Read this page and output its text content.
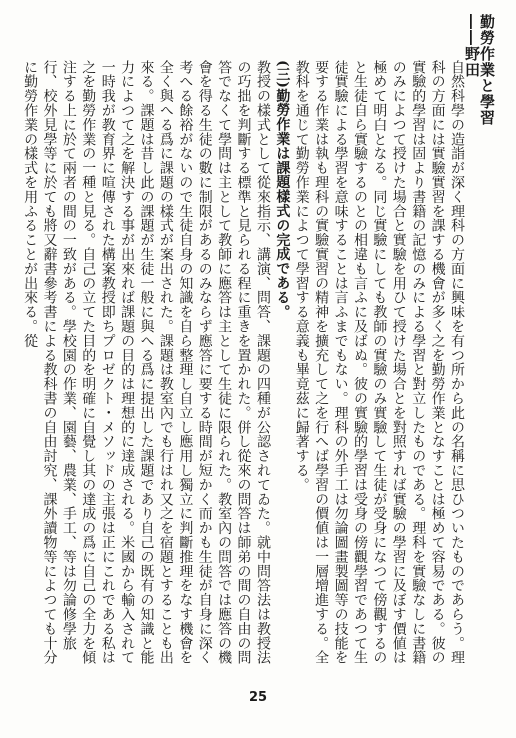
勤勞作業と學習――野田

自然科學の造詣が深く理科の方面に興味を有つ所から此の名稱に思ひついたものであらう。理科の方面には實驗實習を課する機會が多く之を勤勞作業となすことは極めて容易である。彼の實驗的學習は固より書籍の記憶のみによる學習と對立したものである。理科を實驗なしに書籍のみによつて授けた場合と實驗を用ひて授けた場合とを對照すれば實驗の學習に及ぼす價値は極めて明白となる。同じ實驗にしても教師の實驗のみ實驗して生徒が受身になつて傍觀するのと生徒自ら實驗するのとの相違も言ふに及ばぬ。彼の實驗的學習は受身の傍觀學習であつて生徒實驗による學習を意味することは言ふまでもない。理科の外手工は勿論圖畫製圖等の技能を要する作業は執も理科の實驗實習の精神を擴充して之を行へば學習の價値は一層增進する。全教科を通じて勤勞作業によつて學習する意義も畢竟茲に歸著する。

(三)勤勞作業は課題樣式の完成である。

教授の樣式として從來指示、講演、問答、課題の四種が公認されてゐた。就中問答法は教授法の巧拙を判斷する標準と見られる程に重きを置かれた。併し從來の問答は師弟の間の自由の問答でなくて學問は主として教師に應答は主として生徒に限られた。教室內の問答では應答の機會を得る生徒の數に制限があるのみならず應答に要する時間が短かく而かも生徒が自身に深く考へる餘裕がないので生徒自身の知識を自ら整理し自立し應用し獨立に判斷推理をなす機會を全く與へる爲に課題の樣式が案出された。課題は教室內でも行はれ又之を宿題とすることも出來る。課題は昔し此の課題が生徒一般に與へる爲に提出した課題であり自己の既有の知識と能力によつて之を解決する事が出來れば課題の目的は理想的に達成される。米國から輸入されて一時我が教育界に喧傳された構案教授即ちプロゼクト・メソッドの主張は正にこれである私は之を勤勞作業の一種と見る。自己の立てた目的を明確に自覺し其の達成の爲に自己の全力を傾注する上に於て兩者の間の一致がある。學校園の作業、園藝、農業、手工、等は勿論修學旅行、校外見學等に於ても將又辭書參考書による教科書の自由討究、課外讀物等によつても十分に勤勞作業の樣式を用ふることが出來る。從

25
